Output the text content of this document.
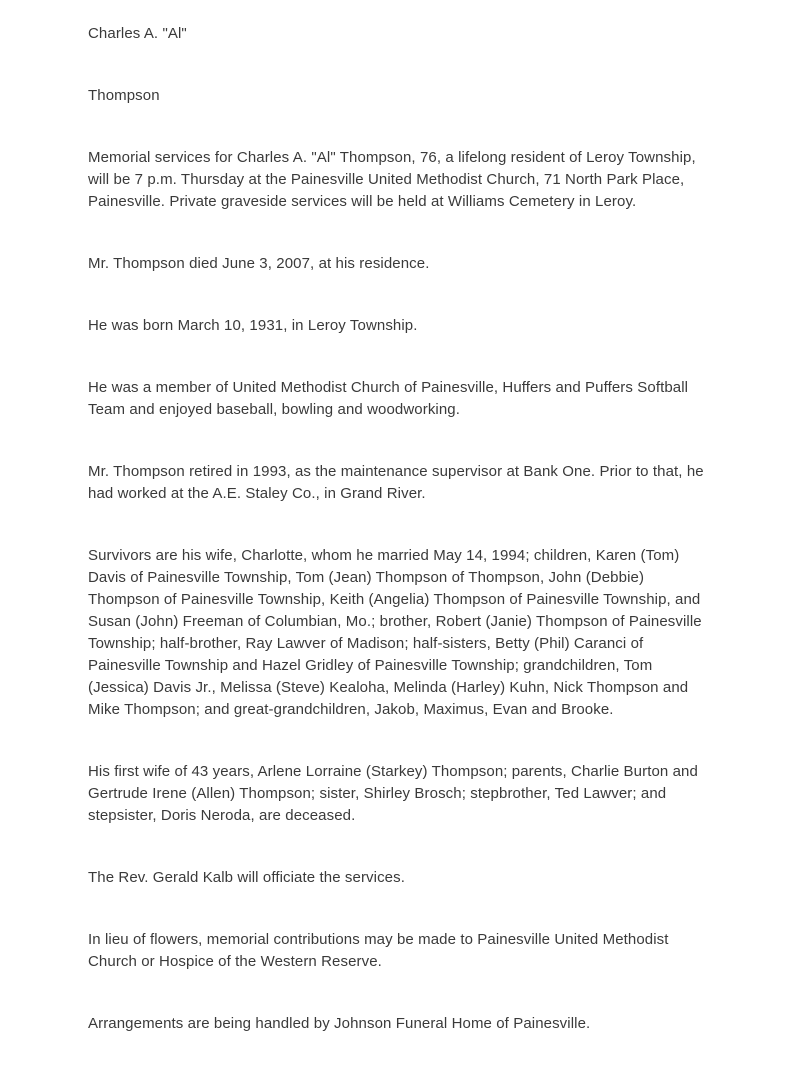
Charles A. "Al"

Thompson

Memorial services for Charles A. "Al" Thompson, 76, a lifelong resident of Leroy Township, will be 7 p.m. Thursday at the Painesville United Methodist Church, 71 North Park Place, Painesville. Private graveside services will be held at Williams Cemetery in Leroy.

Mr. Thompson died June 3, 2007, at his residence.

He was born March 10, 1931, in Leroy Township.

He was a member of United Methodist Church of Painesville, Huffers and Puffers Softball Team and enjoyed baseball, bowling and woodworking.

Mr. Thompson retired in 1993, as the maintenance supervisor at Bank One. Prior to that, he had worked at the A.E. Staley Co., in Grand River.

Survivors are his wife, Charlotte, whom he married May 14, 1994; children, Karen (Tom) Davis of Painesville Township, Tom (Jean) Thompson of Thompson, John (Debbie) Thompson of Painesville Township, Keith (Angelia) Thompson of Painesville Township, and Susan (John) Freeman of Columbian, Mo.; brother, Robert (Janie) Thompson of Painesville Township; half-brother, Ray Lawver of Madison; half-sisters, Betty (Phil) Caranci of Painesville Township and Hazel Gridley of Painesville Township; grandchildren, Tom (Jessica) Davis Jr., Melissa (Steve) Kealoha, Melinda (Harley) Kuhn, Nick Thompson and Mike Thompson; and great-grandchildren, Jakob, Maximus, Evan and Brooke.

His first wife of 43 years, Arlene Lorraine (Starkey) Thompson; parents, Charlie Burton and Gertrude Irene (Allen) Thompson; sister, Shirley Brosch; stepbrother, Ted Lawver; and stepsister, Doris Neroda, are deceased.

The Rev. Gerald Kalb will officiate the services.

In lieu of flowers, memorial contributions may be made to Painesville United Methodist Church or Hospice of the Western Reserve.

Arrangements are being handled by Johnson Funeral Home of Painesville.
